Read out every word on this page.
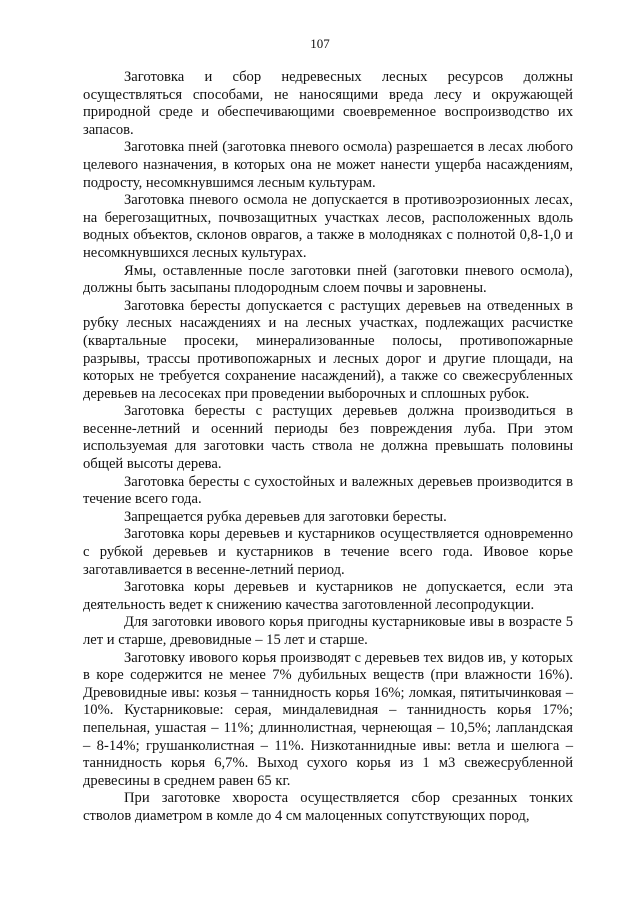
107

Заготовка и сбор недревесных лесных ресурсов должны осуществляться способами, не наносящими вреда лесу и окружающей природной среде и обеспечивающими своевременное воспроизводство их запасов.

Заготовка пней (заготовка пневого осмола) разрешается в лесах любого целевого назначения, в которых она не может нанести ущерба насаждениям, подросту, несомкнувшимся лесным культурам.

Заготовка пневого осмола не допускается в противоэрозионных лесах, на берегозащитных, почвозащитных участках лесов, расположенных вдоль водных объектов, склонов оврагов, а также в молодняках с полнотой 0,8-1,0 и несомкнувшихся лесных культурах.

Ямы, оставленные после заготовки пней (заготовки пневого осмола), должны быть засыпаны плодородным слоем почвы и заровнены.

Заготовка бересты допускается с растущих деревьев на отведенных в рубку лесных насаждениях и на лесных участках, подлежащих расчистке (квартальные просеки, минерализованные полосы, противопожарные разрывы, трассы противопожарных и лесных дорог и другие площади, на которых не требуется сохранение насаждений), а также со свежесрубленных деревьев на лесосеках при проведении выборочных и сплошных рубок.

Заготовка бересты с растущих деревьев должна производиться в весенне-летний и осенний периоды без повреждения луба. При этом используемая для заготовки часть ствола не должна превышать половины общей высоты дерева.

Заготовка бересты с сухостойных и валежных деревьев производится в течение всего года.

Запрещается рубка деревьев для заготовки бересты.

Заготовка коры деревьев и кустарников осуществляется одновременно с рубкой деревьев и кустарников в течение всего года. Ивовое корье заготавливается в весенне-летний период.

Заготовка коры деревьев и кустарников не допускается, если эта деятельность ведет к снижению качества заготовленной лесопродукции.

Для заготовки ивового корья пригодны кустарниковые ивы в возрасте 5 лет и старше, древовидные – 15 лет и старше.

Заготовку ивового корья производят с деревьев тех видов ив, у которых в коре содержится не менее 7% дубильных веществ (при влажности 16%). Древовидные ивы: козья – таннидность корья 16%; ломкая, пятитычинковая – 10%. Кустарниковые: серая, миндалевидная – таннидность корья 17%; пепельная, ушастая – 11%; длиннолистная, чернеющая – 10,5%; лапландская – 8-14%; грушанколистная – 11%. Низкотаннидные ивы: ветла и шелюга – таннидность корья 6,7%. Выход сухого корья из 1 м3 свежесрубленной древесины в среднем равен 65 кг.

При заготовке хвороста осуществляется сбор срезанных тонких стволов диаметром в комле до 4 см малоценных сопутствующих пород,
